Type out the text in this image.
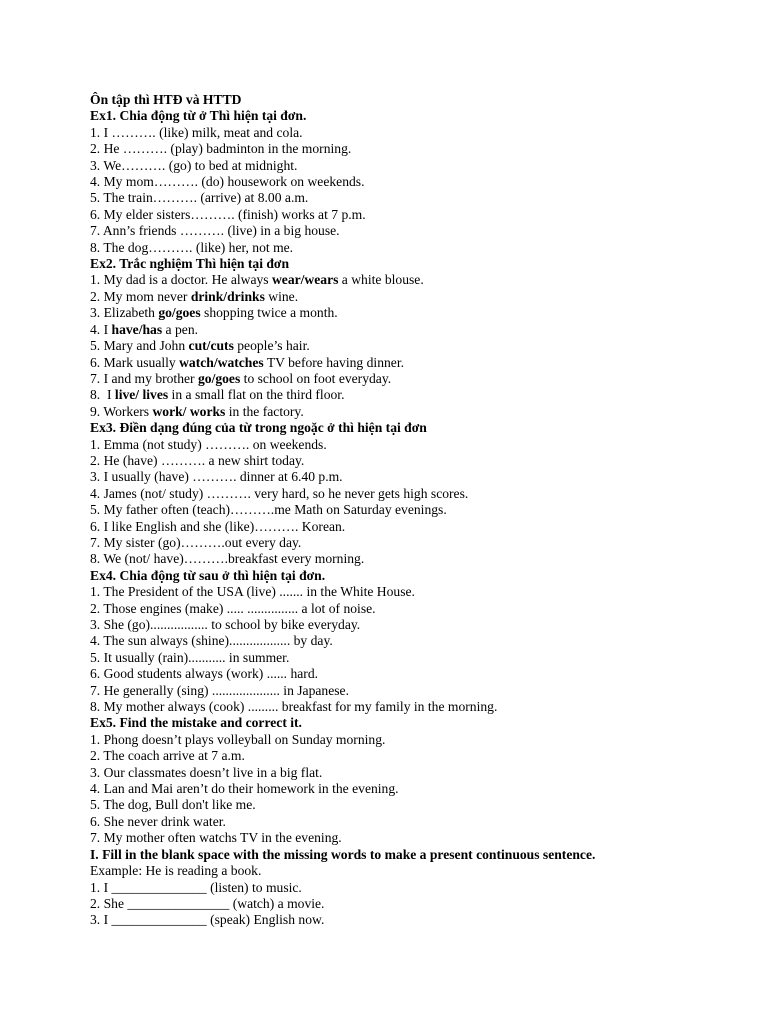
Ôn tập thì HTĐ và HTTD
Ex1. Chia động từ ở Thì hiện tại đơn.
1. I ………. (like) milk, meat and cola.
2. He ………. (play) badminton in the morning.
3. We………. (go) to bed at midnight.
4. My mom………. (do) housework on weekends.
5. The train………. (arrive) at 8.00 a.m.
6. My elder sisters………. (finish) works at 7 p.m.
7. Ann’s friends ………. (live) in a big house.
8. The dog………. (like) her, not me.
Ex2. Trắc nghiệm Thì hiện tại đơn
1. My dad is a doctor. He always wear/wears a white blouse.
2. My mom never drink/drinks wine.
3. Elizabeth go/goes shopping twice a month.
4. I have/has a pen.
5. Mary and John cut/cuts people’s hair.
6. Mark usually watch/watches TV before having dinner.
7. I and my brother go/goes to school on foot everyday.
8.  I live/ lives in a small flat on the third floor.
9. Workers work/ works in the factory.
Ex3. Điền dạng đúng của từ trong ngoặc ở thì hiện tại đơn
1. Emma (not study) ………. on weekends.
2. He (have) ………. a new shirt today.
3. I usually (have) ………. dinner at 6.40 p.m.
4. James (not/ study) ………. very hard, so he never gets high scores.
5. My father often (teach)……….me Math on Saturday evenings.
6. I like English and she (like)………. Korean.
7. My sister (go)……….out every day.
8. We (not/ have)……….breakfast every morning.
Ex4. Chia động từ sau ở thì hiện tại đơn.
1. The President of the USA (live) ....... in the White House.
2. Those engines (make) ..... ............... a lot of noise.
3. She (go)................. to school by bike everyday.
4. The sun always (shine).................. by day.
5. It usually (rain)........... in summer.
6. Good students always (work) ...... hard.
7. He generally (sing) .................... in Japanese.
8. My mother always (cook) ......... breakfast for my family in the morning.
Ex5. Find the mistake and correct it.
1. Phong doesn’t plays volleyball on Sunday morning.
2. The coach arrive at 7 a.m.
3. Our classmates doesn’t live in a big flat.
4. Lan and Mai aren’t do their homework in the evening.
5. The dog, Bull don't like me.
6. She never drink water.
7. My mother often watchs TV in the evening.
I. Fill in the blank space with the missing words to make a present continuous sentence.
Example: He is reading a book.
1. I ______________ (listen) to music.
2. She _______________ (watch) a movie.
3. I ______________ (speak) English now.
